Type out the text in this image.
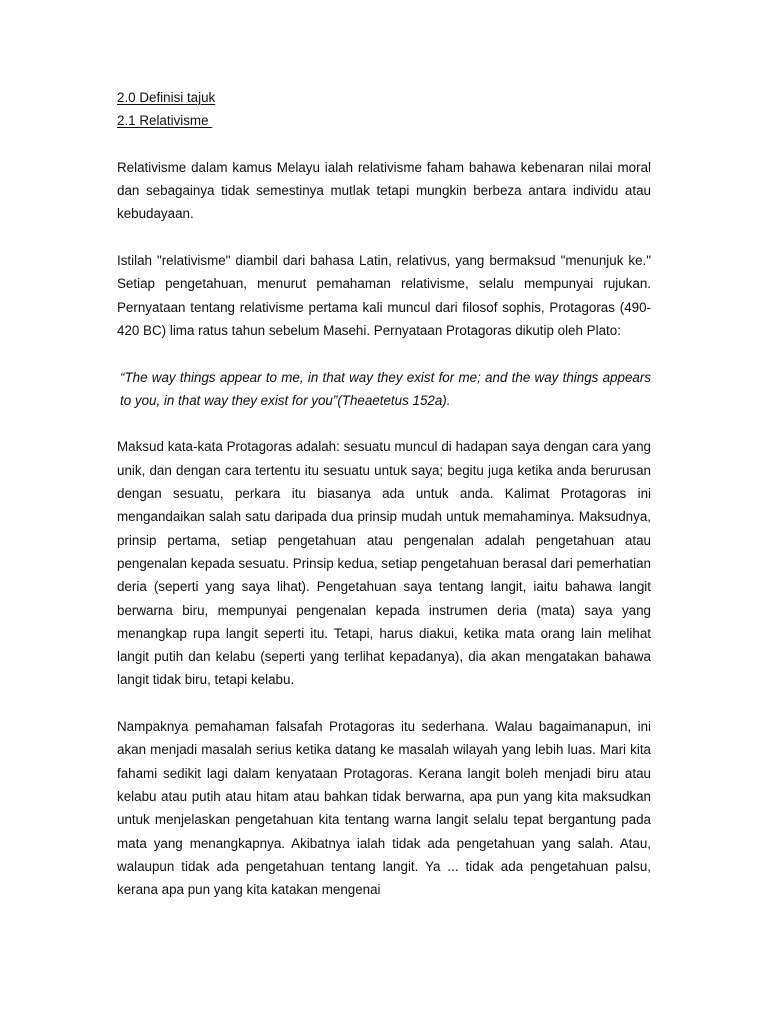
2.0 Definisi tajuk

2.1 Relativisme

Relativisme dalam kamus Melayu ialah relativisme faham bahawa kebenaran nilai moral dan sebagainya tidak semestinya mutlak tetapi mungkin berbeza antara individu atau kebudayaan.

Istilah "relativisme" diambil dari bahasa Latin, relativus, yang bermaksud "menunjuk ke." Setiap pengetahuan, menurut pemahaman relativisme, selalu mempunyai rujukan. Pernyataan tentang relativisme pertama kali muncul dari filosof sophis, Protagoras (490-420 BC) lima ratus tahun sebelum Masehi. Pernyataan Protagoras dikutip oleh Plato:

“The way things appear to me, in that way they exist for me; and the way things appears to you, in that way they exist for you”(Theaetetus 152a).

Maksud kata-kata Protagoras adalah: sesuatu muncul di hadapan saya dengan cara yang unik, dan dengan cara tertentu itu sesuatu untuk saya; begitu juga ketika anda berurusan dengan sesuatu, perkara itu biasanya ada untuk anda. Kalimat Protagoras ini mengandaikan salah satu daripada dua prinsip mudah untuk memahaminya. Maksudnya, prinsip pertama, setiap pengetahuan atau pengenalan adalah pengetahuan atau pengenalan kepada sesuatu. Prinsip kedua, setiap pengetahuan berasal dari pemerhatian deria (seperti yang saya lihat). Pengetahuan saya tentang langit, iaitu bahawa langit berwarna biru, mempunyai pengenalan kepada instrumen deria (mata) saya yang menangkap rupa langit seperti itu. Tetapi, harus diakui, ketika mata orang lain melihat langit putih dan kelabu (seperti yang terlihat kepadanya), dia akan mengatakan bahawa langit tidak biru, tetapi kelabu.

Nampaknya pemahaman falsafah Protagoras itu sederhana. Walau bagaimanapun, ini akan menjadi masalah serius ketika datang ke masalah wilayah yang lebih luas. Mari kita fahami sedikit lagi dalam kenyataan Protagoras. Kerana langit boleh menjadi biru atau kelabu atau putih atau hitam atau bahkan tidak berwarna, apa pun yang kita maksudkan untuk menjelaskan pengetahuan kita tentang warna langit selalu tepat bergantung pada mata yang menangkapnya. Akibatnya ialah tidak ada pengetahuan yang salah. Atau, walaupun tidak ada pengetahuan tentang langit. Ya ... tidak ada pengetahuan palsu, kerana apa pun yang kita katakan mengenai
